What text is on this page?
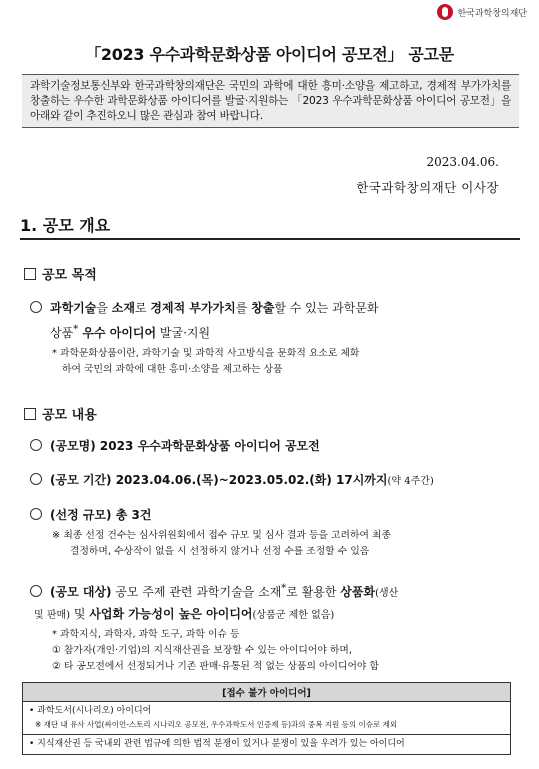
한국과학창의재단
「2023 우수과학문화상품 아이디어 공모전」 공고문
과학기술정보통신부와 한국과학창의재단은 국민의 과학에 대한 흥미·소양을 제고하고, 경제적 부가가치를 창출하는 우수한 과학문화상품 아이디어를 발굴·지원하는 「2023 우수과학문화상품 아이디어 공모전」을 아래와 같이 추진하오니 많은 관심과 참여 바랍니다.
2023.04.06.
한국과학창의재단 이사장
1. 공모 개요
공모 목적
과학기술을 소재로 경제적 부가가치를 창출할 수 있는 과학문화
상품* 우수 아이디어 발굴·지원
* 과학문화상품이란, 과학기술 및 과학적 사고방식을 문화적 요소로 체화
하여 국민의 과학에 대한 흥미·소양을 제고하는 상품
공모 내용
(공모명) 2023 우수과학문화상품 아이디어 공모전
(공모 기간) 2023.04.06.(목)~2023.05.02.(화) 17시까지(약 4주간)
(선정 규모) 총 3건
※ 최종 선정 건수는 심사위원회에서 접수 규모 및 심사 결과 등을 고려하여 최종
결정하며, 수상작이 없을 시 선정하지 않거나 선정 수를 조정할 수 있음
(공모 대상) 공모 주제 관련 과학기술을 소재*로 활용한 상품화(생산
및 판매) 및 사업화 가능성이 높은 아이디어(상품군 제한 없음)
* 과학지식, 과학자, 과학 도구, 과학 이슈 등
① 참가자(개인·기업)의 지식재산권을 보장할 수 있는 아이디어야 하며,
② 타 공모전에서 선정되거나 기존 판매·유통된 적 없는 상품의 아이디어야 함
[접수 불가 아이디어]
• 과학도서(시나리오) 아이디어
※ 재단 내 유사 사업(싸이언-스토리 시나리오 공모전, 우수과학도서 인증제 등)과의 중복 지원 등의 이슈로 제외
• 지식재산권 등 국내외 관련 법규에 의한 법적 분쟁이 있거나 분쟁이 있을 우려가 있는 아이디어
